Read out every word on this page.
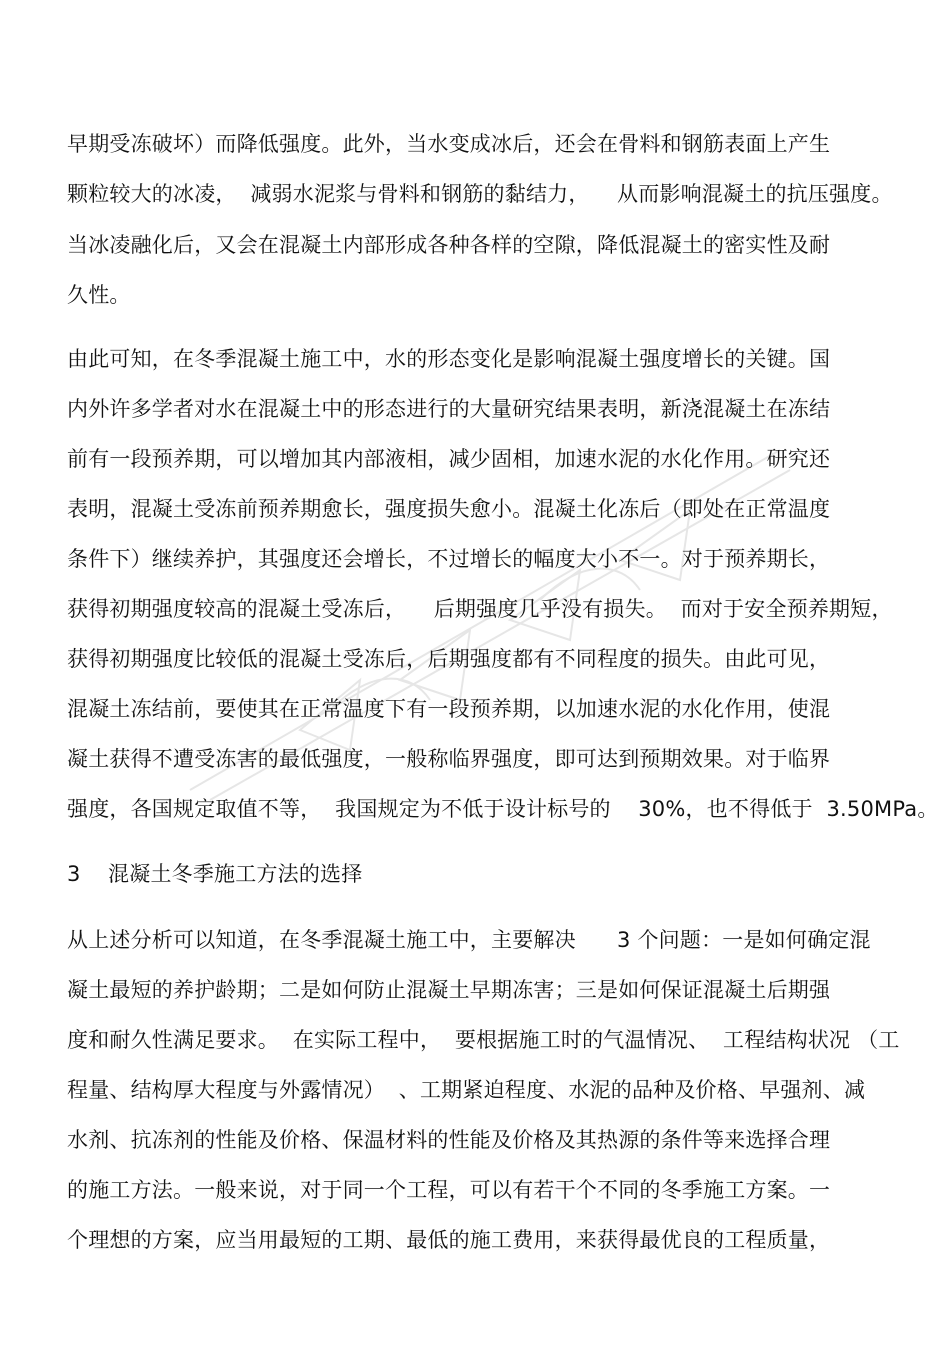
早期受冻破坏）而降低强度。此外，当水变成冰后，还会在骨料和钢筋表面上产生
颗粒较大的冰凌，  减弱水泥浆与骨料和钢筋的黏结力，    从而影响混凝土的抗压强度。
当冰凌融化后，又会在混凝土内部形成各种各样的空隙，降低混凝土的密实性及耐
久性。
由此可知，在冬季混凝土施工中，水的形态变化是影响混凝土强度增长的关键。国
内外许多学者对水在混凝土中的形态进行的大量研究结果表明，新浇混凝土在冻结
前有一段预养期，可以增加其内部液相，减少固相，加速水泥的水化作用。研究还
表明，混凝土受冻前预养期愈长，强度损失愈小。混凝土化冻后（即处在正常温度
条件下）继续养护，其强度还会增长，不过增长的幅度大小不一。对于预养期长，
获得初期强度较高的混凝土受冻后，    后期强度几乎没有损失。  而对于安全预养期短，
获得初期强度比较低的混凝土受冻后，后期强度都有不同程度的损失。由此可见，
混凝土冻结前，要使其在正常温度下有一段预养期，以加速水泥的水化作用，使混
凝土获得不遭受冻害的最低强度，一般称临界强度，即可达到预期效果。对于临界
强度，各国规定取值不等，  我国规定为不低于设计标号的    30%，也不得低于  3.50MPa。
3    混凝土冬季施工方法的选择
从上述分析可以知道，在冬季混凝土施工中，主要解决      3 个问题：一是如何确定混
凝土最短的养护龄期；二是如何防止混凝土早期冻害；三是如何保证混凝土后期强
度和耐久性满足要求。  在实际工程中，  要根据施工时的气温情况、  工程结构状况 （工
程量、结构厚大程度与外露情况）  、工期紧迫程度、水泥的品种及价格、早强剂、减
水剂、抗冻剂的性能及价格、保温材料的性能及价格及其热源的条件等来选择合理
的施工方法。一般来说，对于同一个工程，可以有若干个不同的冬季施工方案。一
个理想的方案，应当用最短的工期、最低的施工费用，来获得最优良的工程质量，
